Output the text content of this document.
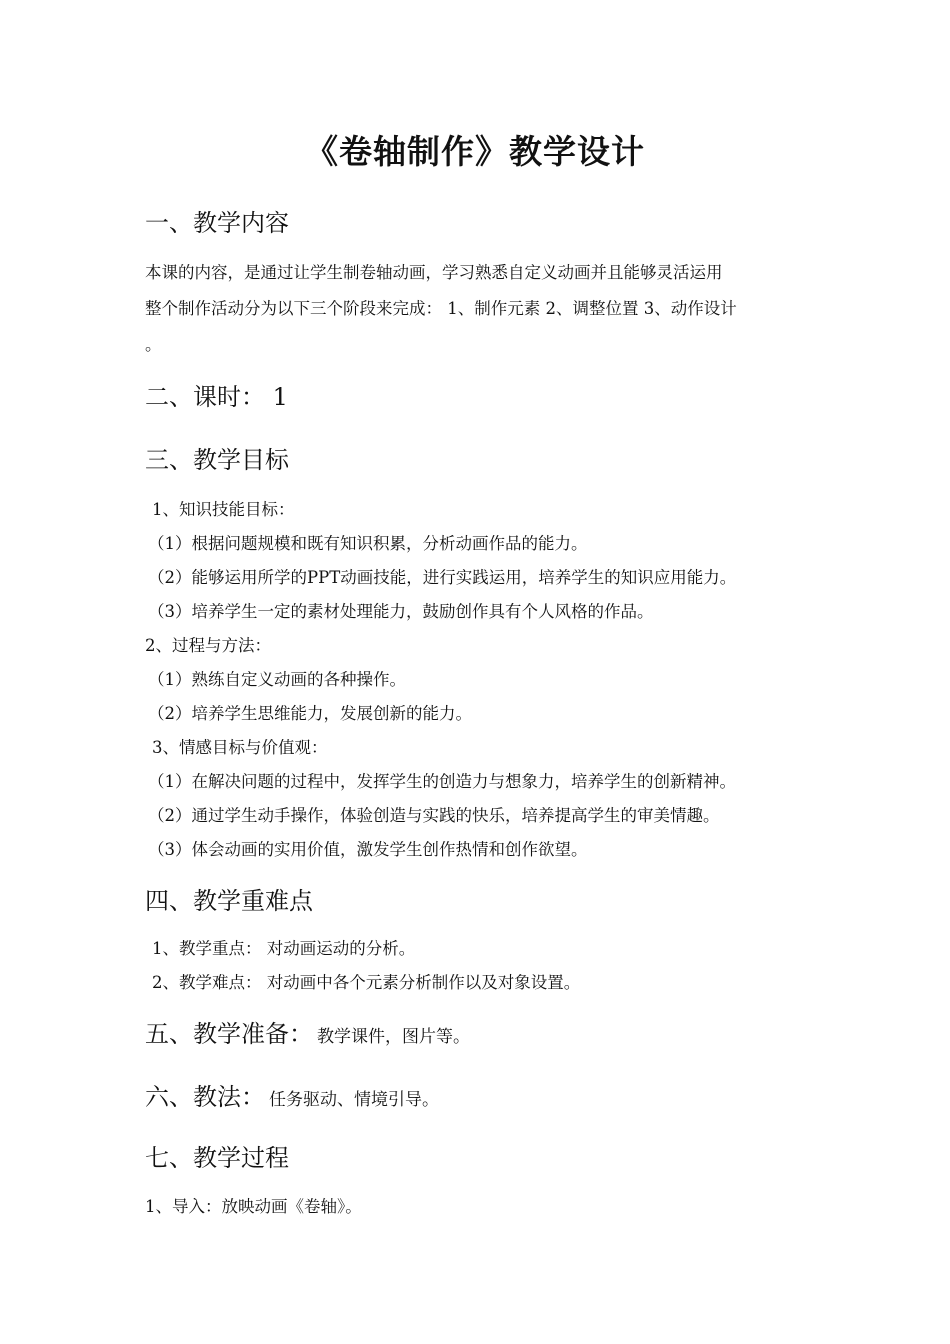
《卷轴制作》教学设计
一、教学内容
本课的内容，是通过让学生制卷轴动画，学习熟悉自定义动画并且能够灵活运用
整个制作活动分为以下三个阶段来完成： 1、制作元素 2、调整位置 3、动作设计
。
二、课时： 1
三、教学目标
1、知识技能目标：
（1）根据问题规模和既有知识积累，分析动画作品的能力。
（2）能够运用所学的PPT动画技能，进行实践运用，培养学生的知识应用能力。
（3）培养学生一定的素材处理能力，鼓励创作具有个人风格的作品。
2、过程与方法：
（1）熟练自定义动画的各种操作。
（2）培养学生思维能力，发展创新的能力。
3、情感目标与价值观：
（1）在解决问题的过程中，发挥学生的创造力与想象力，培养学生的创新精神。
（2）通过学生动手操作，体验创造与实践的快乐，培养提高学生的审美情趣。
（3）体会动画的实用价值，激发学生创作热情和创作欲望。
四、教学重难点
1、教学重点： 对动画运动的分析。
2、教学难点： 对动画中各个元素分析制作以及对象设置。
五、教学准备： 教学课件，图片等。
六、教法： 任务驱动、情境引导。
七、教学过程
1、导入：放映动画《卷轴》。
